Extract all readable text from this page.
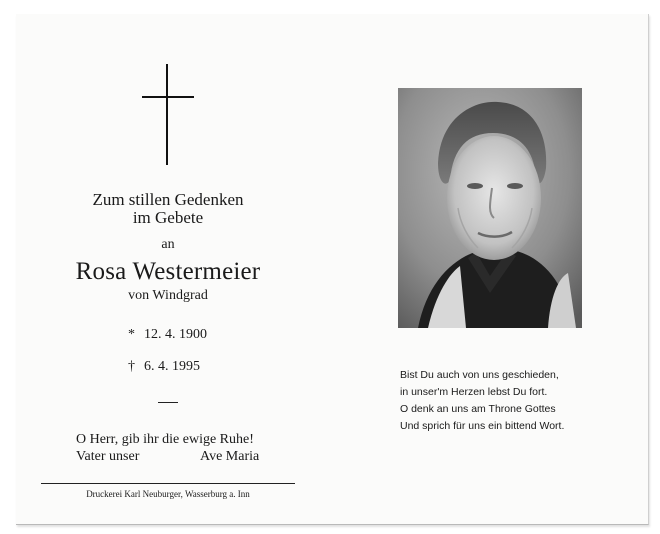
Zum stillen Gedenken
im Gebete
an
Rosa Westermeier
von Windgrad
* 12. 4. 1900
† 6. 4. 1995
O Herr, gib ihr die ewige Ruhe!
Vater unser	Ave Maria
Druckerei Karl Neuburger, Wasserburg a. Inn
Bist Du auch von uns geschieden,
in unser'm Herzen lebst Du fort.
O denk an uns am Throne Gottes
Und sprich für uns ein bittend Wort.
